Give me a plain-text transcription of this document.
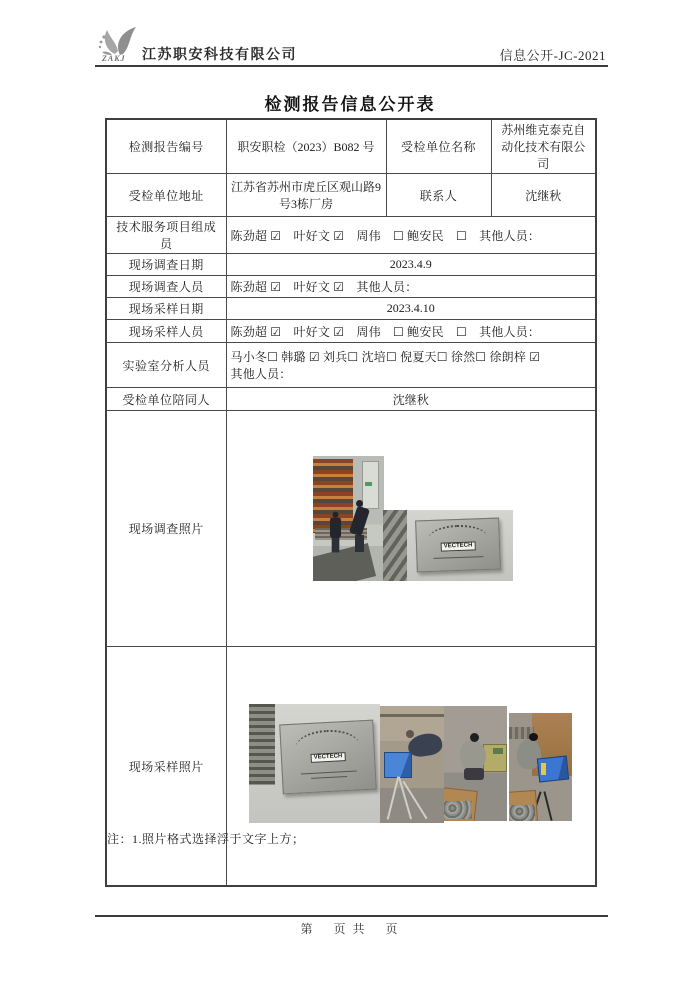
ZAKJ 江苏职安科技有限公司	信息公开-JC-2021
检测报告信息公开表
检测报告编号	职安职检（2023）B082 号	受检单位名称	苏州维克泰克自动化技术有限公司
受检单位地址	江苏省苏州市虎丘区观山路9号3栋厂房	联系人	沈继秋
技术服务项目组成员	陈劲超 ☑　叶好文 ☑　周伟　☐ 鲍安民　☐　其他人员：		
现场调查日期	2023.4.9		
现场调查人员	陈劲超 ☑　叶好文 ☑　其他人员：		
现场采样日期	2023.4.10		
现场采样人员	陈劲超 ☑　叶好文 ☑　周伟　☐ 鲍安民　☐　其他人员：		
实验室分析人员	马小冬☐ 韩璐 ☑ 刘兵☐ 沈培☐ 倪夏天☐ 徐然☐ 徐朗梓 ☑
其他人员：		

受检单位陪同人	沈继秋		
现场调查照片	VECTECH		

现场采样照片	VECTECH		
注：1.照片格式选择浮于文字上方；
第　 页 共 　页
